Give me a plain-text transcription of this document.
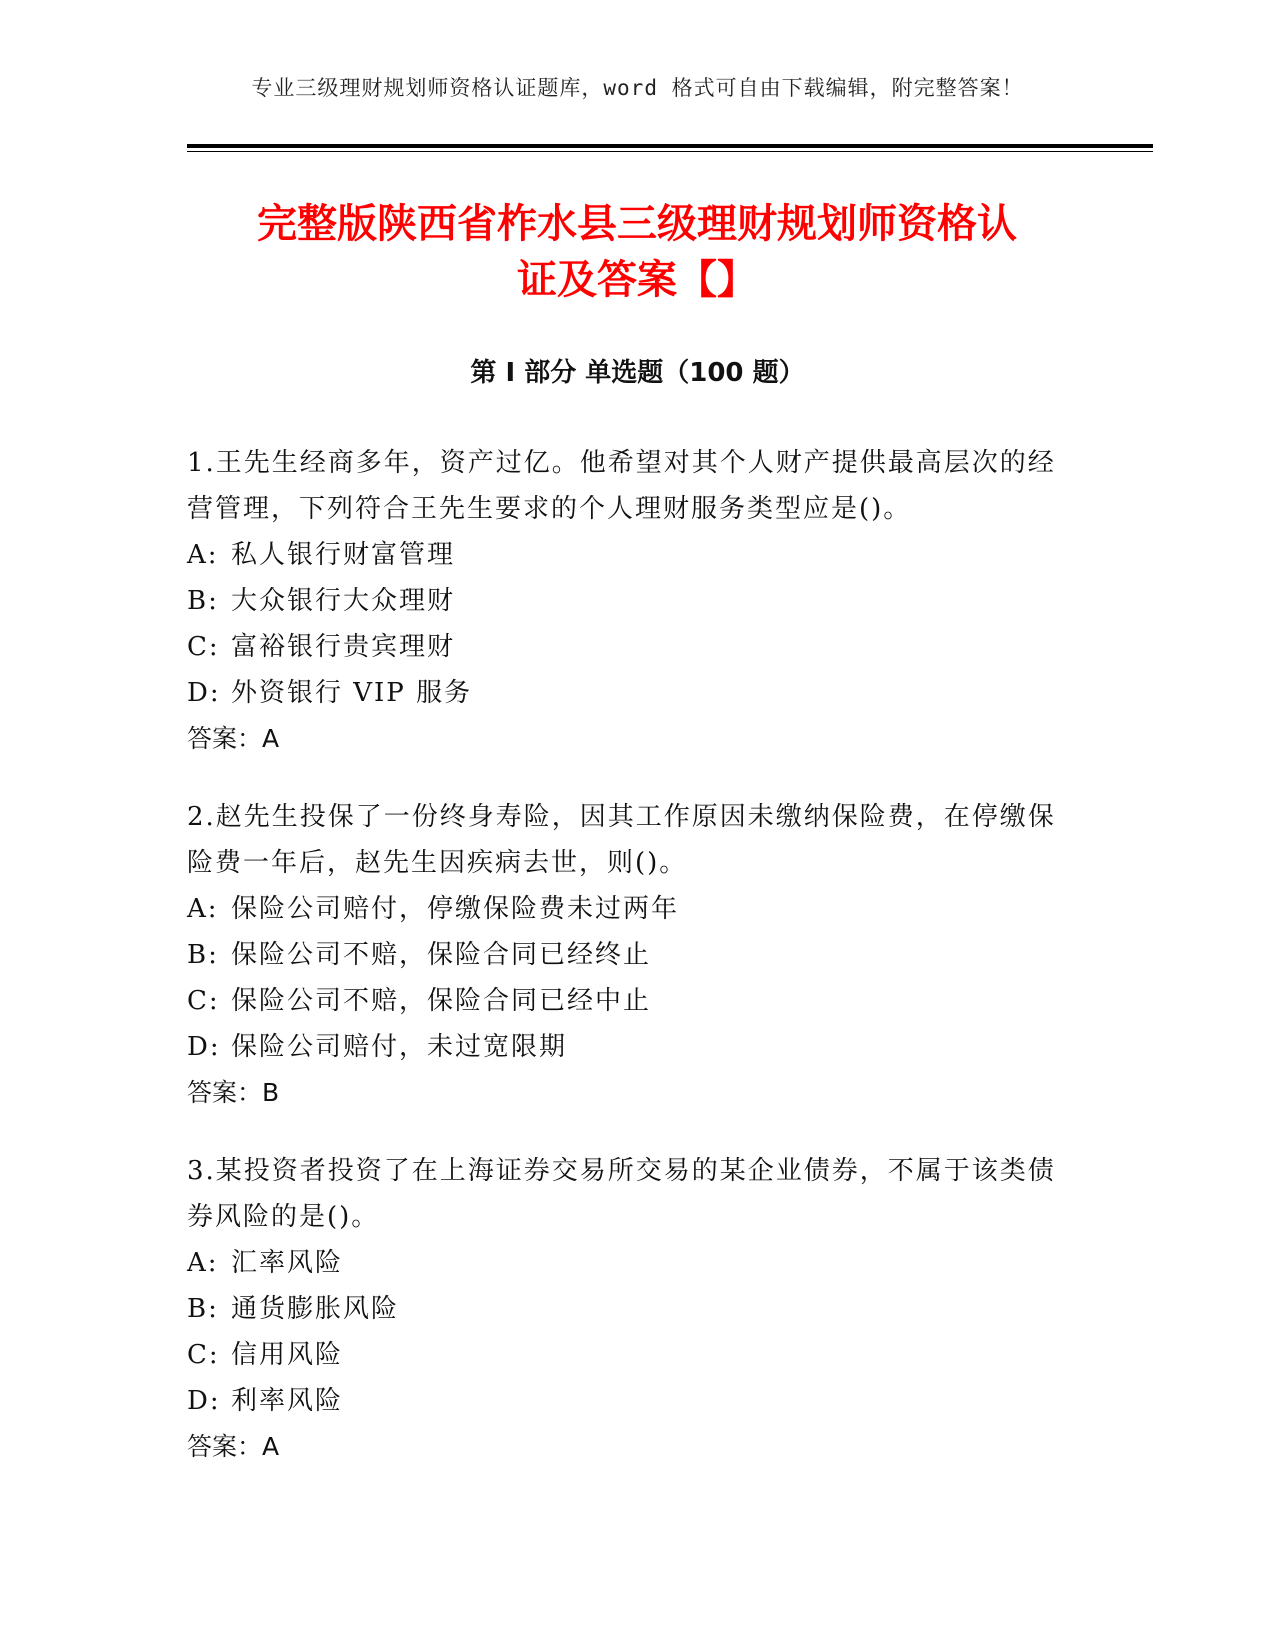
专业三级理财规划师资格认证题库，word 格式可自由下载编辑，附完整答案！
完整版陕西省柞水县三级理财规划师资格认
证及答案【】
第 I 部分 单选题（100 题）
1.王先生经商多年，资产过亿。他希望对其个人财产提供最高层次的经营管理，下列符合王先生要求的个人理财服务类型应是()。
A: 私人银行财富管理
B: 大众银行大众理财
C: 富裕银行贵宾理财
D: 外资银行 VIP 服务
答案：A
2.赵先生投保了一份终身寿险，因其工作原因未缴纳保险费，在停缴保险费一年后，赵先生因疾病去世，则()。
A: 保险公司赔付，停缴保险费未过两年
B: 保险公司不赔，保险合同已经终止
C: 保险公司不赔，保险合同已经中止
D: 保险公司赔付，未过宽限期
答案：B
3.某投资者投资了在上海证券交易所交易的某企业债券，不属于该类债券风险的是()。
A: 汇率风险
B: 通货膨胀风险
C: 信用风险
D: 利率风险
答案：A
